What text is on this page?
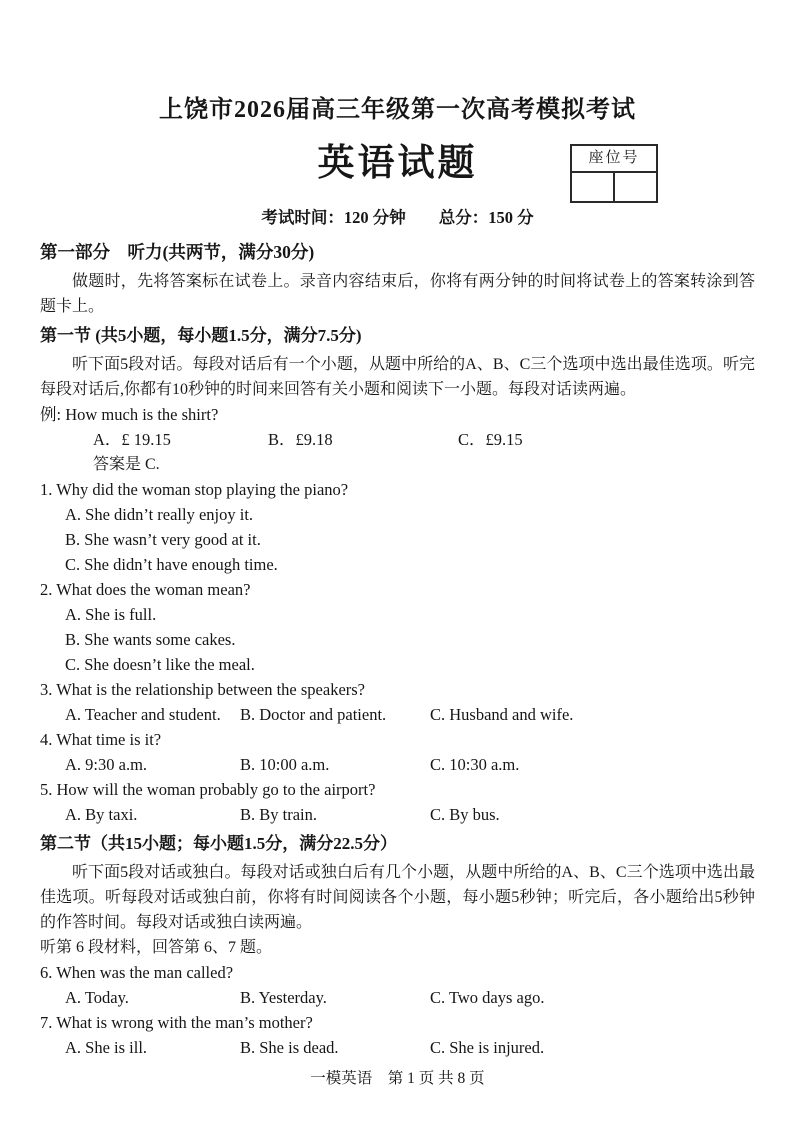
上饶市2026届高三年级第一次高考模拟考试
英语试题	座位号
考试时间：120 分钟　　总分：150 分
第一部分　听力(共两节，满分30分)

做题时，先将答案标在试卷上。录音内容结束后，你将有两分钟的时间将试卷上的答案转涂到答题卡上。

第一节 (共5小题，每小题1.5分，满分7.5分)

听下面5段对话。每段对话后有一个小题，从题中所给的A、B、C三个选项中选出最佳选项。听完每段对话后,你都有10秒钟的时间来回答有关小题和阅读下一小题。每段对话读两遍。

例: How much is the shirt?
A．£ 19.15	B．£9.18	C．£9.15
答案是 C.
1. Why did the woman stop playing the piano?
A. She didn’t really enjoy it.
B. She wasn’t very good at it.
C. She didn’t have enough time.
2. What does the woman mean?
A. She is full.
B. She wants some cakes.
C. She doesn’t like the meal.
3. What is the relationship between the speakers?
A. Teacher and student.	B. Doctor and patient.	C. Husband and wife.
4. What time is it?
A. 9:30 a.m.	B. 10:00 a.m.	C. 10:30 a.m.
5. How will the woman probably go to the airport?
A. By taxi.	B. By train.	C. By bus.
第二节（共15小题；每小题1.5分，满分22.5分）

听下面5段对话或独白。每段对话或独白后有几个小题，从题中所给的A、B、C三个选项中选出最佳选项。听每段对话或独白前，你将有时间阅读各个小题，每小题5秒钟；听完后，各小题给出5秒钟的作答时间。每段对话或独白读两遍。

听第 6 段材料，回答第 6、7 题。
6. When was the man called?
A. Today.	B. Yesterday.	C. Two days ago.
7. What is wrong with the man’s mother?
A. She is ill.	B. She is dead.	C. She is injured.
一模英语　第 1 页 共 8 页
